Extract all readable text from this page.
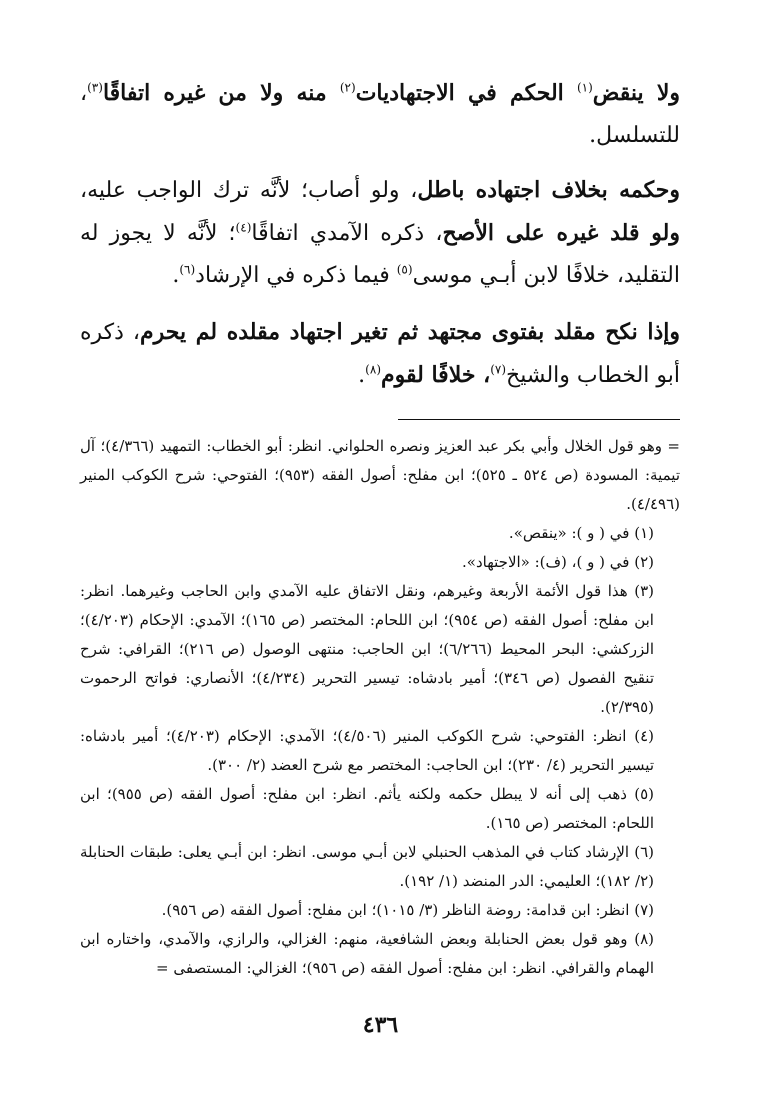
ولا ينقض$^{(١)}$ الحكم في الاجتهاديات$^{(٢)}$ منه ولا من غيره اتفاقًا$^{(٣)}$، للتسلسل.

وحكمه بخلاف اجتهاده باطل، ولو أصاب؛ لأنَّه ترك الواجب عليه، ولو قلد غيره على الأصح، ذكره الآمدي اتفاقًا$^{(٤)}$؛ لأنَّه لا يجوز له التقليد، خلافًا لابن أبـي موسى$^{(٥)}$ فيما ذكره في الإرشاد$^{(٦)}$.

وإذا نكح مقلد بفتوى مجتهد ثم تغير اجتهاد مقلده لم يحرم، ذكره أبو الخطاب والشيخ$^{(٧)}$، خلافًا لقوم$^{(٨)}$.

= وهو قول الخلال وأبي بكر عبد العزيز ونصره الحلواني. انظر: أبو الخطاب: التمهيد (٤/٣٦٦)؛ آل تيمية: المسودة (ص ٥٢٤ ـ ٥٢٥)؛ ابن مفلح: أصول الفقه (٩٥٣)؛ الفتوحي: شرح الكوكب المنير (٤/٤٩٦).

(١) في ( و ): «ينقص».

(٢) في ( و )، (ف): «الاجتهاد».

(٣) هذا قول الأئمة الأربعة وغيرهم، ونقل الاتفاق عليه الآمدي وابن الحاجب وغيرهما. انظر: ابن مفلح: أصول الفقه (ص ٩٥٤)؛ ابن اللحام: المختصر (ص ١٦٥)؛ الآمدي: الإحكام (٤/٢٠٣)؛ الزركشي: البحر المحيط (٦/٢٦٦)؛ ابن الحاجب: منتهى الوصول (ص ٢١٦)؛ القرافي: شرح تنقيح الفصول (ص ٣٤٦)؛ أمير بادشاه: تيسير التحرير (٤/٢٣٤)؛ الأنصاري: فواتح الرحموت (٢/٣٩٥).

(٤) انظر: الفتوحي: شرح الكوكب المنير (٤/٥٠٦)؛ الآمدي: الإحكام (٤/٢٠٣)؛ أمير بادشاه: تيسير التحرير (٤/ ٢٣٠)؛ ابن الحاجب: المختصر مع شرح العضد (٢/ ٣٠٠).

(٥) ذهب إلى أنه لا يبطل حكمه ولكنه يأثم. انظر: ابن مفلح: أصول الفقه (ص ٩٥٥)؛ ابن اللحام: المختصر (ص ١٦٥).

(٦) الإرشاد كتاب في المذهب الحنبلي لابن أبـي موسى. انظر: ابن أبـي يعلى: طبقات الحنابلة (٢/ ١٨٢)؛ العليمي: الدر المنضد (١/ ١٩٢).

(٧) انظر: ابن قدامة: روضة الناظر (٣/ ١٠١٥)؛ ابن مفلح: أصول الفقه (ص ٩٥٦).

(٨) وهو قول بعض الحنابلة وبعض الشافعية، منهم: الغزالي، والرازي، والآمدي، واختاره ابن الهمام والقرافي. انظر: ابن مفلح: أصول الفقه (ص ٩٥٦)؛ الغزالي: المستصفى =

٤٣٦
